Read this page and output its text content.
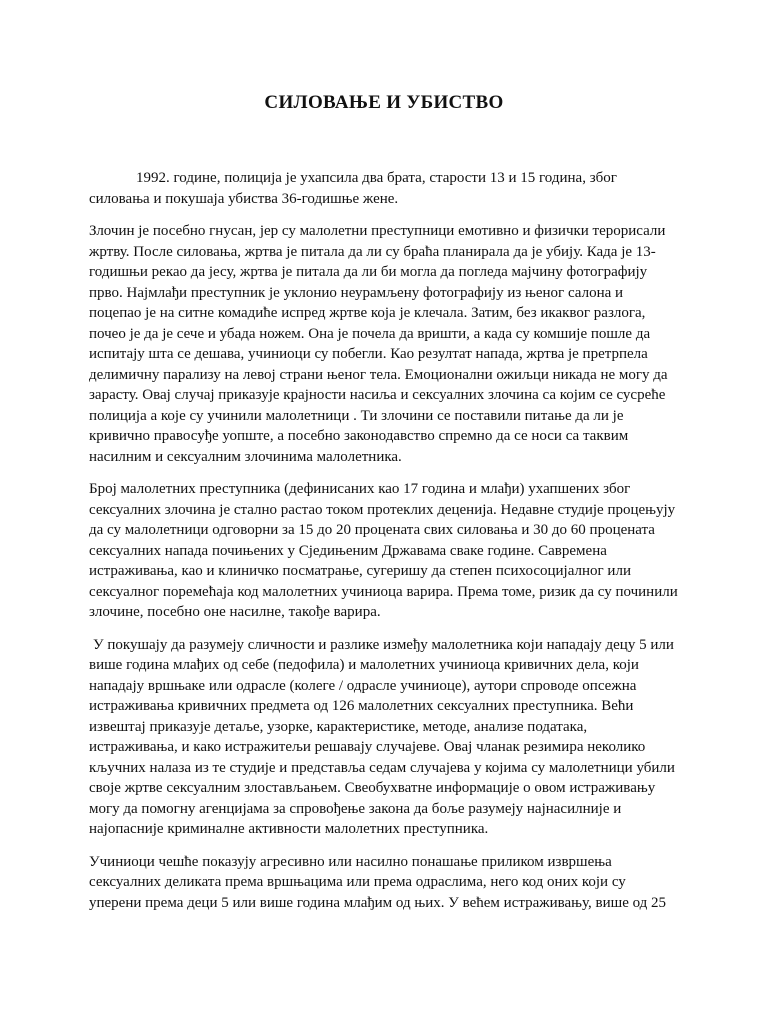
СИЛОВАЊЕ И УБИСТВО

1992. године, полиција је ухапсила два брата, старости 13 и 15 година, због силовања и покушаја убиства 36-годишње жене.

Злочин је посебно гнусан, јер су малолетни преступници емотивно и физички терорисали жртву. После силовања, жртва је питала да ли су браћа планирала да је убију. Када је 13-годишњи рекао да јесу, жртва је питала да ли би могла да погледа мајчину фотографију прво. Најмлађи преступник је уклонио неурамљену фотографију из њеног салона и поцепао је на ситне комадиће испред жртве која је клечала. Затим, без икаквог разлога, почео је да је сече и убада ножем. Она је почела да вришти, а када су комшије пошле да испитају шта се дешава, учиниоци су побегли. Као резултат напада, жртва је претрпела делимичну парализу на левој страни њеног тела. Емоционални ожиљци никада не могу да зарасту. Овај случај приказује крајности насиља и сексуалних злочина са којим се сусреће полиција а које су учинили малолетници . Ти злочини се поставили питање да ли је кривично правосуђе уопште, а посебно законодавство спремно да се носи са таквим насилним и сексуалним злочинима малолетника.

Број малолетних преступника (дефинисаних као 17 година и млађи) ухапшених због сексуалних злочина је стално растао током протеклих деценија. Недавне студије процењују да су малолетници одговорни за 15 до 20 процената свих силовања и 30 до 60 процената сексуалних напада почињених у Сједињеним Државама сваке године. Савремена истраживања, као и клиничко посматрање, сугеришу да степен психосоцијалног или сексуалног поремећаја код малолетних учиниоца варира. Према томе, ризик да су починили злочине, посебно оне насилне, такође варира.

У покушају да разумеју сличности и разлике између малолетника који нападају децу 5 или више година млађих од себе (педофила) и малолетних учиниоца кривичних дела, који нападају вршњаке или одрасле (колеге / одрасле учиниоце), аутори спроводе опсежна истраживања кривичних предмета од 126 малолетних сексуалних преступника. Већи извештај приказује детаље, узорке, карактеристике, методе, анализе података, истраживања, и како истражитељи решавају случајеве. Овај чланак резимира неколико кључних налаза из те студије и представља седам случајева у којима су малолетници убили своје жртве сексуалним злостављањем. Свеобухватне информације о овом истраживању могу да помогну агенцијама за спровођење закона да боље разумеју најнасилније и најопасније криминалне активности малолетних преступника.

Учиниоци чешће показују агресивно или насилно понашање приликом извршења сексуалних деликата према вршњацима или према одраслима, него код оних који су уперени према деци 5 или више година млађим од њих. У већем истраживању, више од 25
